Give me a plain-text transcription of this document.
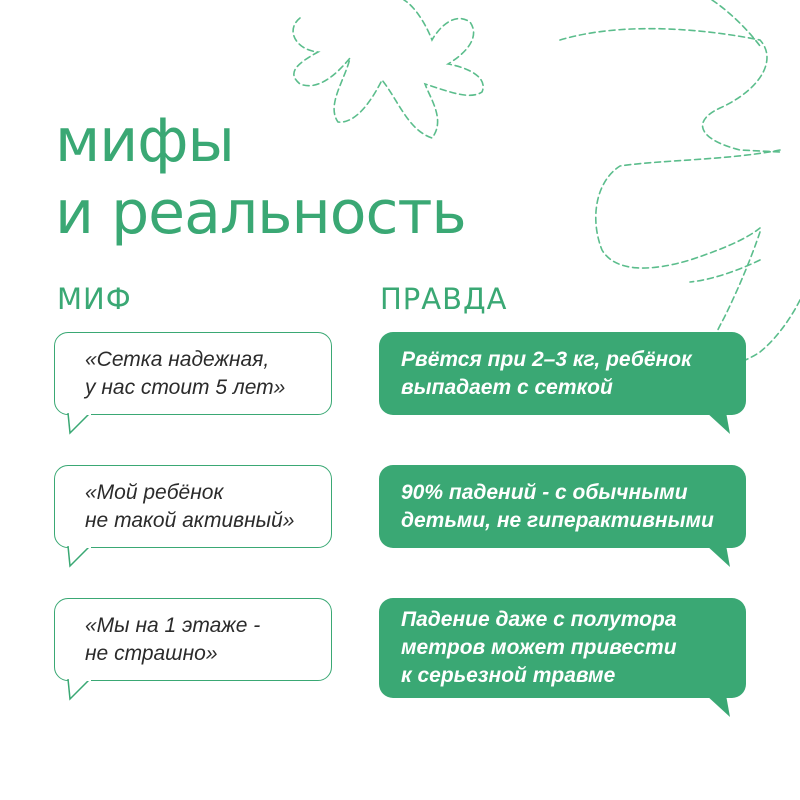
мифы
и реальность
МИФ	ПРАВДА
«Сетка надежная,
у нас стоит 5 лет»
Рвётся при 2–3 кг, ребёнок
выпадает с сеткой
«Мой ребёнок
не такой активный»
90% падений - с обычными
детьми, не гиперактивными
«Мы на 1 этаже -
не страшно»
Падение даже с полутора
метров может привести
к серьезной травме
